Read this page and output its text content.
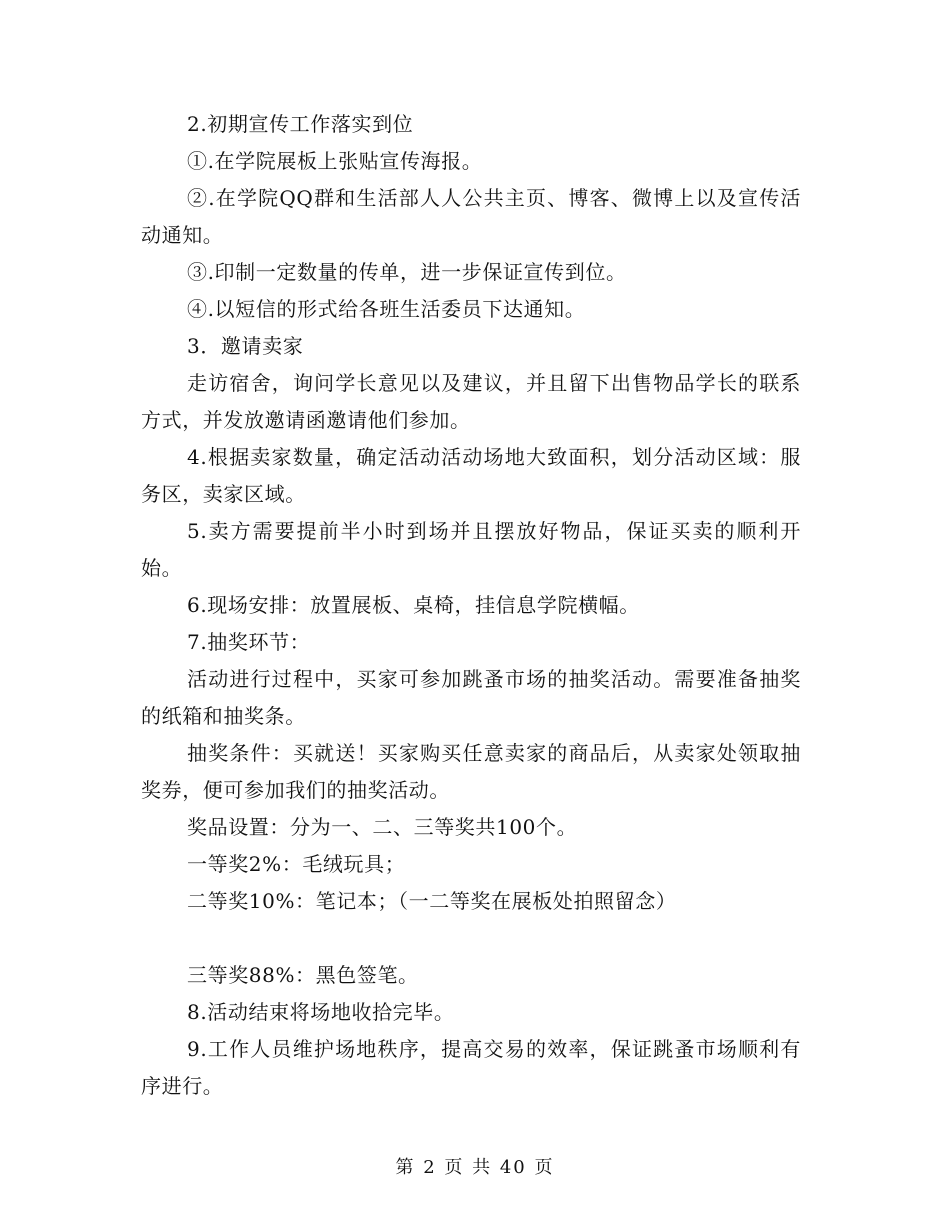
2.初期宣传工作落实到位

①.在学院展板上张贴宣传海报。

②.在学院QQ群和生活部人人公共主页、博客、微博上以及宣传活动通知。

③.印制一定数量的传单，进一步保证宣传到位。

④.以短信的形式给各班生活委员下达通知。

3．邀请卖家

走访宿舍，询问学长意见以及建议，并且留下出售物品学长的联系方式，并发放邀请函邀请他们参加。

4.根据卖家数量，确定活动活动场地大致面积，划分活动区域：服务区，卖家区域。

5.卖方需要提前半小时到场并且摆放好物品，保证买卖的顺利开始。

6.现场安排：放置展板、桌椅，挂信息学院横幅。

7.抽奖环节：

活动进行过程中，买家可参加跳蚤市场的抽奖活动。需要准备抽奖的纸箱和抽奖条。

抽奖条件：买就送！买家购买任意卖家的商品后，从卖家处领取抽奖券，便可参加我们的抽奖活动。

奖品设置：分为一、二、三等奖共100个。

一等奖2%：毛绒玩具；

二等奖10%：笔记本；（一二等奖在展板处拍照留念）

三等奖88%：黑色签笔。

8.活动结束将场地收拾完毕。

9.工作人员维护场地秩序，提高交易的效率，保证跳蚤市场顺利有序进行。

第 2 页 共 40 页
